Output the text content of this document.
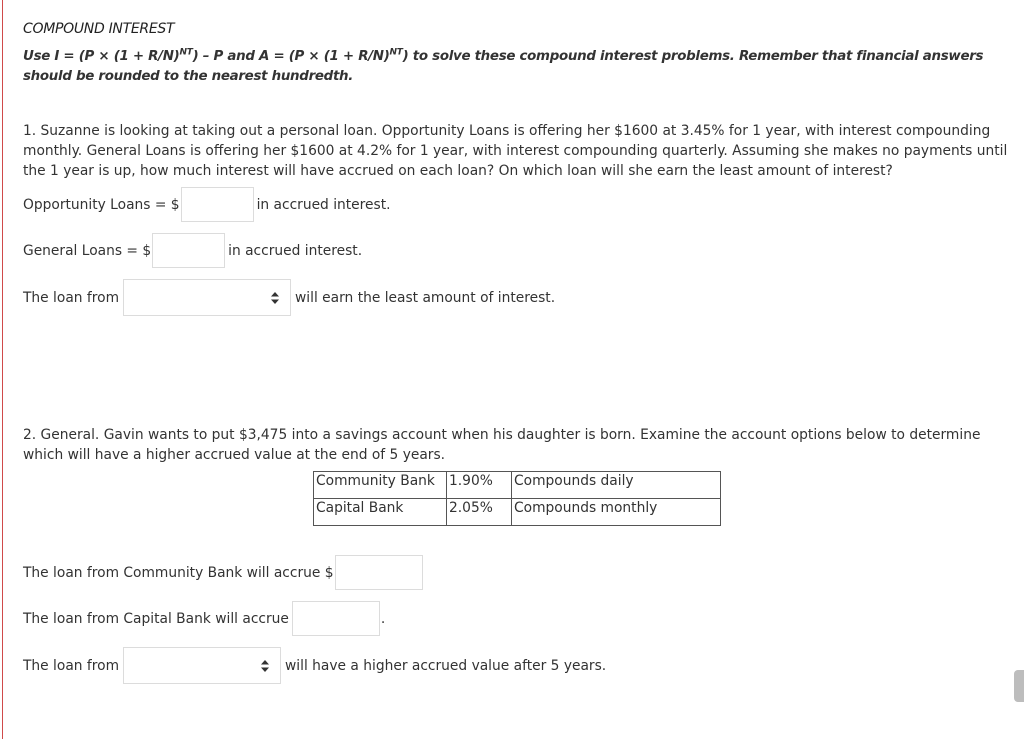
COMPOUND INTEREST
Use $I = (P \times (1 + R/N)^{NT}) - P$ and $A = (P \times (1 + R/N)^{NT})$ to solve these compound interest problems. Remember that financial answers should be rounded to the nearest hundredth.
1. Suzanne is looking at taking out a personal loan. Opportunity Loans is offering her $1600 at 3.45% for 1 year, with interest compounding monthly. General Loans is offering her $1600 at 4.2% for 1 year, with interest compounding quarterly. Assuming she makes no payments until the 1 year is up, how much interest will have accrued on each loan? On which loan will she earn the least amount of interest?
Opportunity Loans = $	in accrued interest.
General Loans = $	in accrued interest.
The loan from	will earn the least amount of interest.
2. General. Gavin wants to put $3,475 into a savings account when his daughter is born. Examine the account options below to determine which will have a higher accrued value at the end of 5 years.
Community Bank	1.90%	Compounds daily
Capital Bank	2.05%	Compounds monthly
The loan from Community Bank will accrue $
The loan from Capital Bank will accrue	.
The loan from	will have a higher accrued value after 5 years.
